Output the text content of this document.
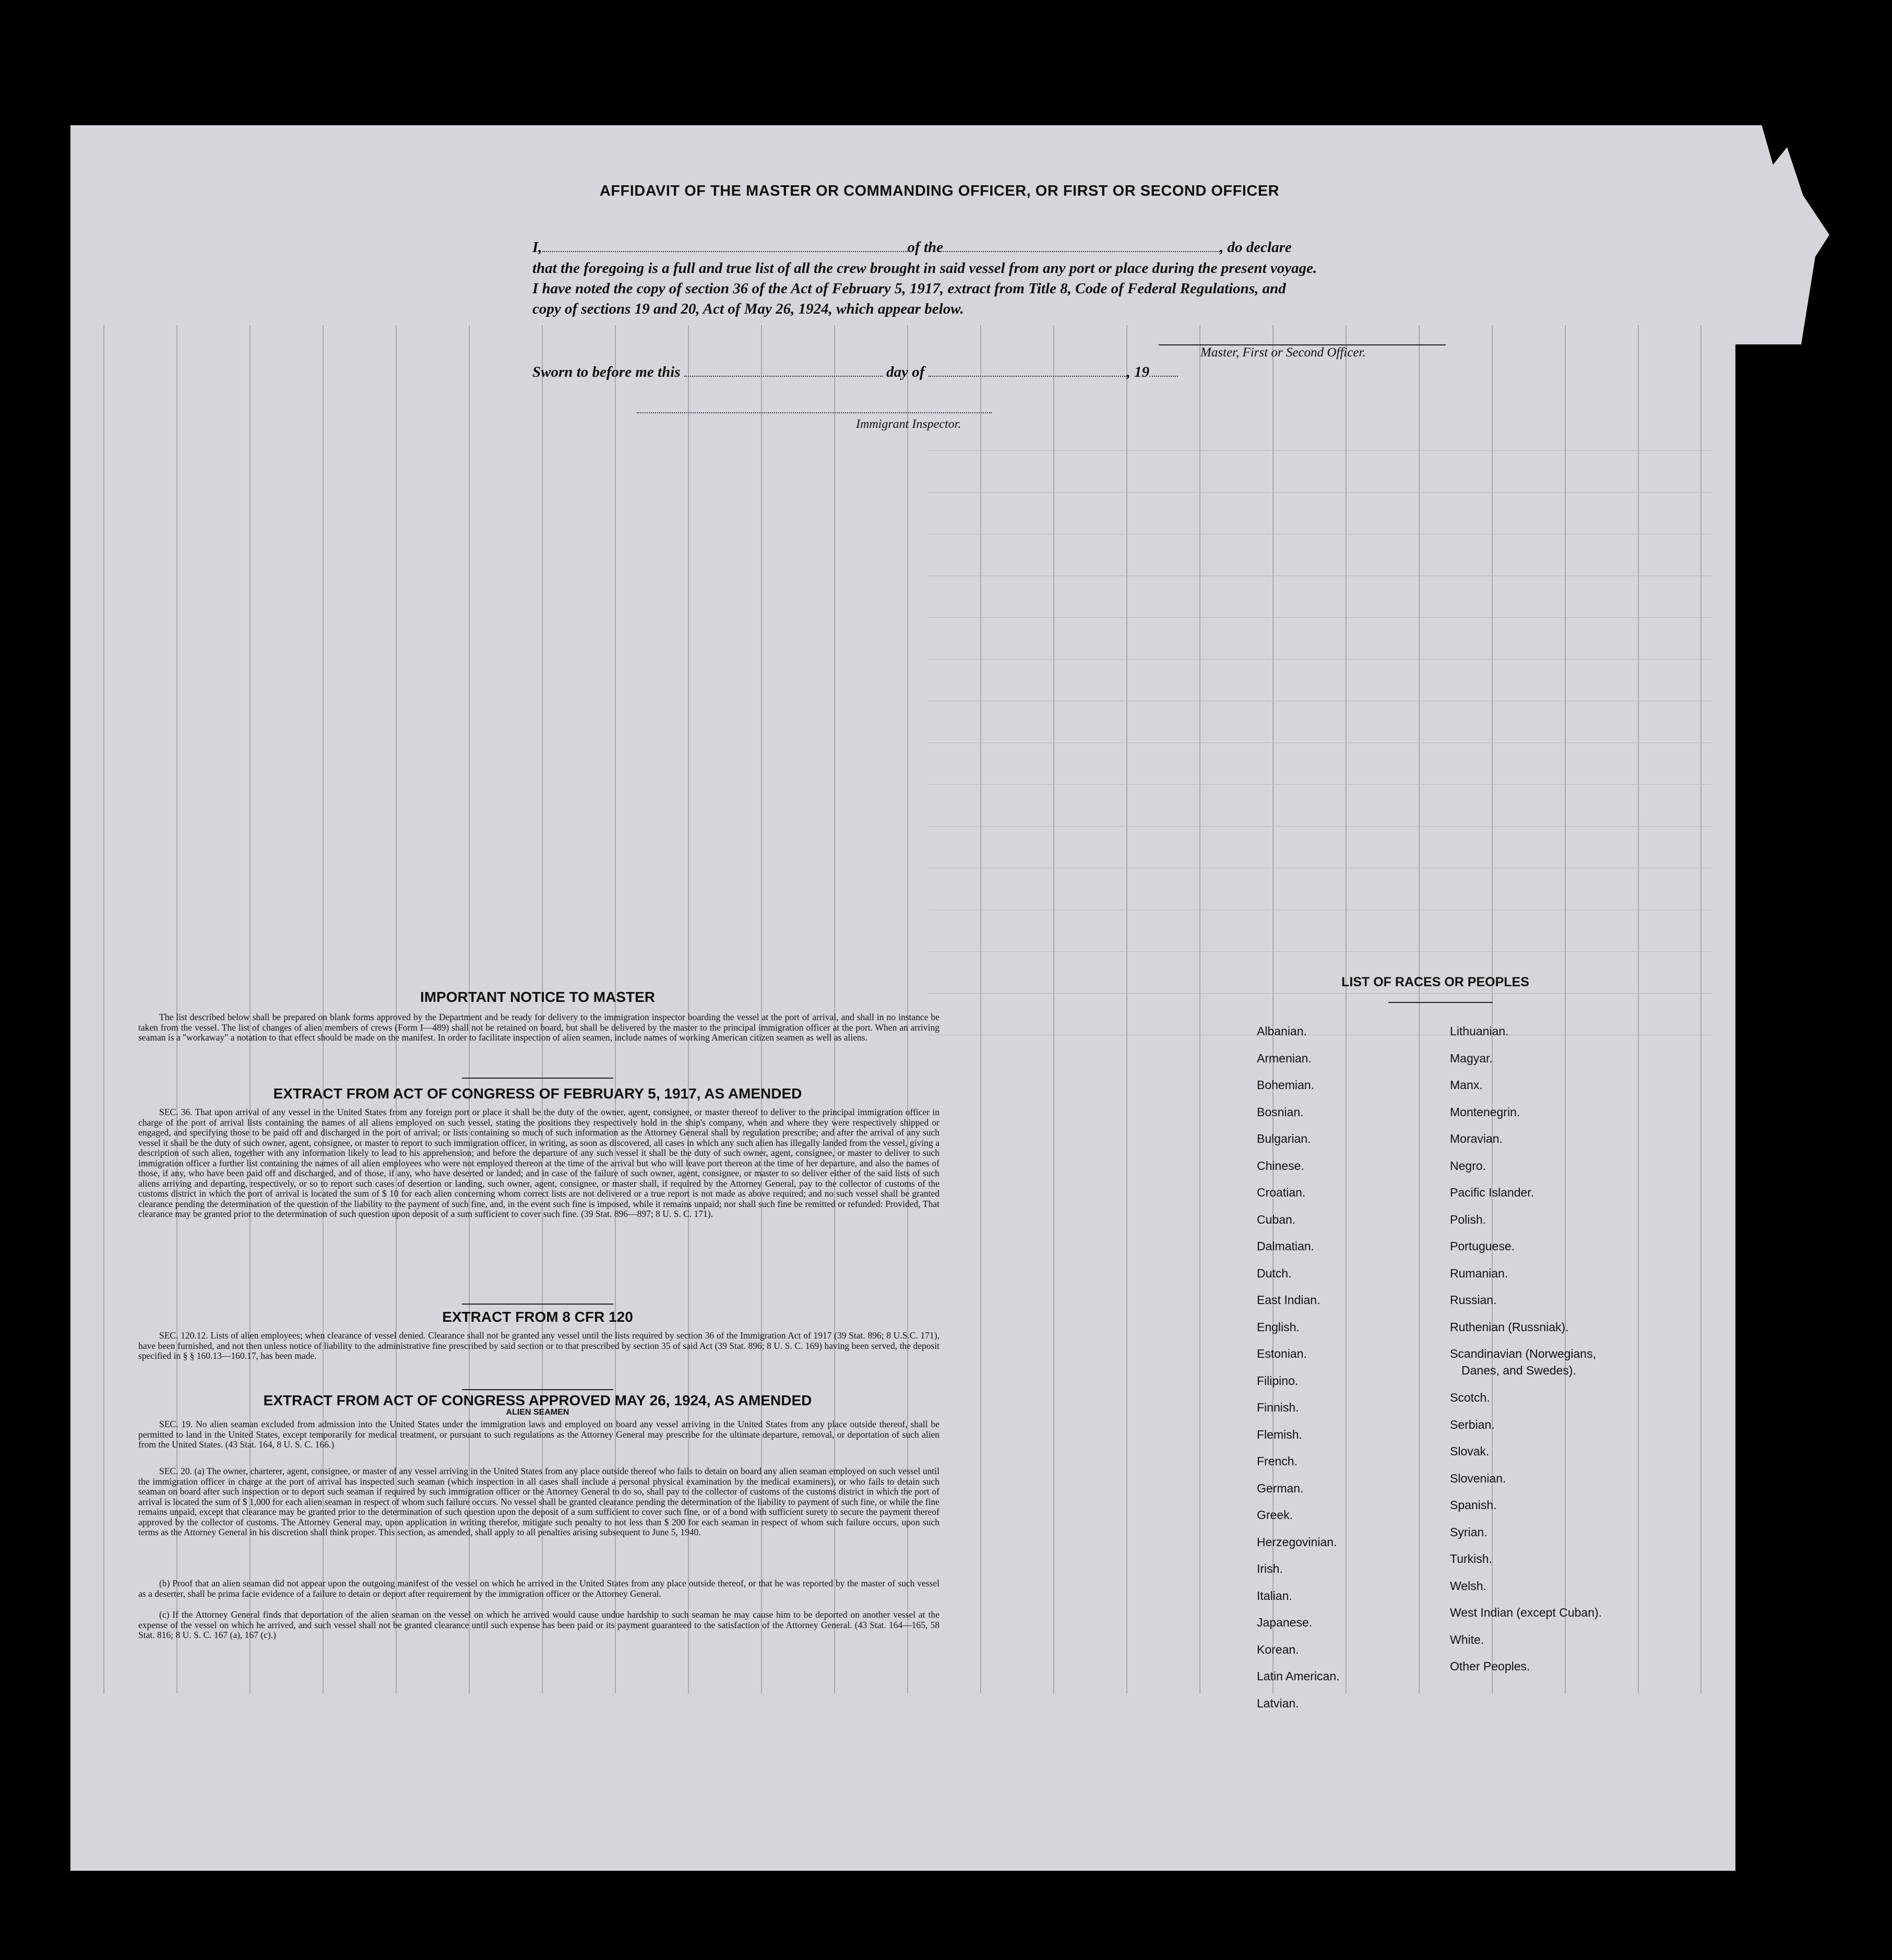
AFFIDAVIT OF THE MASTER OR COMMANDING OFFICER, OR FIRST OR SECOND OFFICER
I,	of the	, do declare
that the foregoing is a full and true list of all the crew brought in said vessel from any port or place during the present voyage.
I have noted the copy of section 36 of the Act of February 5, 1917, extract from Title 8, Code of Federal Regulations, and
copy of sections 19 and 20, Act of May 26, 1924, which appear below.
Master, First or Second Officer.
Sworn to before me this	day of	, 19
Immigrant Inspector.
IMPORTANT NOTICE TO MASTER

The list described below shall be prepared on blank forms approved by the Department and be ready for delivery to the immigration inspector boarding the vessel at the port of arrival, and shall in no instance be taken from the vessel. The list of changes of alien members of crews (Form I—489) shall not be retained on board, but shall be delivered by the master to the principal immigration officer at the port. When an arriving seaman is a "workaway" a notation to that effect should be made on the manifest. In order to facilitate inspection of alien seamen, include names of working American citizen seamen as well as aliens.

EXTRACT FROM ACT OF CONGRESS OF FEBRUARY 5, 1917, AS AMENDED

SEC. 36. That upon arrival of any vessel in the United States from any foreign port or place it shall be the duty of the owner, agent, consignee, or master thereof to deliver to the principal immigration officer in charge of the port of arrival lists containing the names of all aliens employed on such vessel, stating the positions they respectively hold in the ship's company, when and where they were respectively shipped or engaged, and specifying those to be paid off and discharged in the port of arrival; or lists containing so much of such information as the Attorney General shall by regulation prescribe; and after the arrival of any such vessel it shall be the duty of such owner, agent, consignee, or master to report to such immigration officer, in writing, as soon as discovered, all cases in which any such alien has illegally landed from the vessel, giving a description of such alien, together with any information likely to lead to his apprehension; and before the departure of any such vessel it shall be the duty of such owner, agent, consignee, or master to deliver to such immigration officer a further list containing the names of all alien employees who were not employed thereon at the time of the arrival but who will leave port thereon at the time of her departure, and also the names of those, if any, who have been paid off and discharged, and of those, if any, who have deserted or landed; and in case of the failure of such owner, agent, consignee, or master to so deliver either of the said lists of such aliens arriving and departing, respectively, or so to report such cases of desertion or landing, such owner, agent, consignee, or master shall, if required by the Attorney General, pay to the collector of customs of the customs district in which the port of arrival is located the sum of $ 10 for each alien concerning whom correct lists are not delivered or a true report is not made as above required; and no such vessel shall be granted clearance pending the determination of the question of the liability to the payment of such fine, and, in the event such fine is imposed, while it remains unpaid; nor shall such fine be remitted or refunded: Provided, That clearance may be granted prior to the determination of such question upon deposit of a sum sufficient to cover such fine. (39 Stat. 896—897; 8 U. S. C. 171).

EXTRACT FROM 8 CFR 120

SEC. 120.12. Lists of alien employees; when clearance of vessel denied. Clearance shall not be granted any vessel until the lists required by section 36 of the Immigration Act of 1917 (39 Stat. 896; 8 U.S.C. 171), have been furnished, and not then unless notice of liability to the administrative fine prescribed by said section or to that prescribed by section 35 of said Act (39 Stat. 896; 8 U. S. C. 169) having been served, the deposit specified in § § 160.13—160.17, has been made.

EXTRACT FROM ACT OF CONGRESS APPROVED MAY 26, 1924, AS AMENDED
ALIEN SEAMEN

SEC. 19. No alien seaman excluded from admission into the United States under the immigration laws and employed on board any vessel arriving in the United States from any place outside thereof, shall be permitted to land in the United States, except temporarily for medical treatment, or pursuant to such regulations as the Attorney General may prescribe for the ultimate departure, removal, or deportation of such alien from the United States. (43 Stat. 164, 8 U. S. C. 166.)

SEC. 20. (a) The owner, charterer, agent, consignee, or master of any vessel arriving in the United States from any place outside thereof who fails to detain on board any alien seaman employed on such vessel until the immigration officer in charge at the port of arrival has inspected such seaman (which inspection in all cases shall include a personal physical examination by the medical examiners), or who fails to detain such seaman on board after such inspection or to deport such seaman if required by such immigration officer or the Attorney General to do so, shall pay to the collector of customs of the customs district in which the port of arrival is located the sum of $ 1,000 for each alien seaman in respect of whom such failure occurs. No vessel shall be granted clearance pending the determination of the liability to payment of such fine, or while the fine remains unpaid, except that clearance may be granted prior to the determination of such question upon the deposit of a sum sufficient to cover such fine, or of a bond with sufficient surety to secure the payment thereof approved by the collector of customs. The Attorney General may, upon application in writing therefor, mitigate such penalty to not less than $ 200 for each seaman in respect of whom such failure occurs, upon such terms as the Attorney General in his discretion shall think proper. This section, as amended, shall apply to all penalties arising subsequent to June 5, 1940.

(b) Proof that an alien seaman did not appear upon the outgoing manifest of the vessel on which he arrived in the United States from any place outside thereof, or that he was reported by the master of such vessel as a deserter, shall be prima facie evidence of a failure to detain or deport after requirement by the immigration officer or the Attorney General.

(c) If the Attorney General finds that deportation of the alien seaman on the vessel on which he arrived would cause undue hardship to such seaman he may cause him to be deported on another vessel at the expense of the vessel on which he arrived, and such vessel shall not be granted clearance until such expense has been paid or its payment guaranteed to the satisfaction of the Attorney General. (43 Stat. 164—165, 58 Stat. 816; 8 U. S. C. 167 (a), 167 (c).)

LIST OF RACES OR PEOPLES
Albanian.
Armenian.
Bohemian.
Bosnian.
Bulgarian.
Chinese.
Croatian.
Cuban.
Dalmatian.
Dutch.
East Indian.
English.
Estonian.
Filipino.
Finnish.
Flemish.
French.
German.
Greek.
Herzegovinian.
Irish.
Italian.
Japanese.
Korean.
Latin American.
Latvian.
Lithuanian.
Magyar.
Manx.
Montenegrin.
Moravian.
Negro.
Pacific Islander.
Polish.
Portuguese.
Rumanian.
Russian.
Ruthenian (Russniak).
Scandinavian (Norwegians,
Danes, and Swedes).
Scotch.
Serbian.
Slovak.
Slovenian.
Spanish.
Syrian.
Turkish.
Welsh.
West Indian (except Cuban).
White.
Other Peoples.
